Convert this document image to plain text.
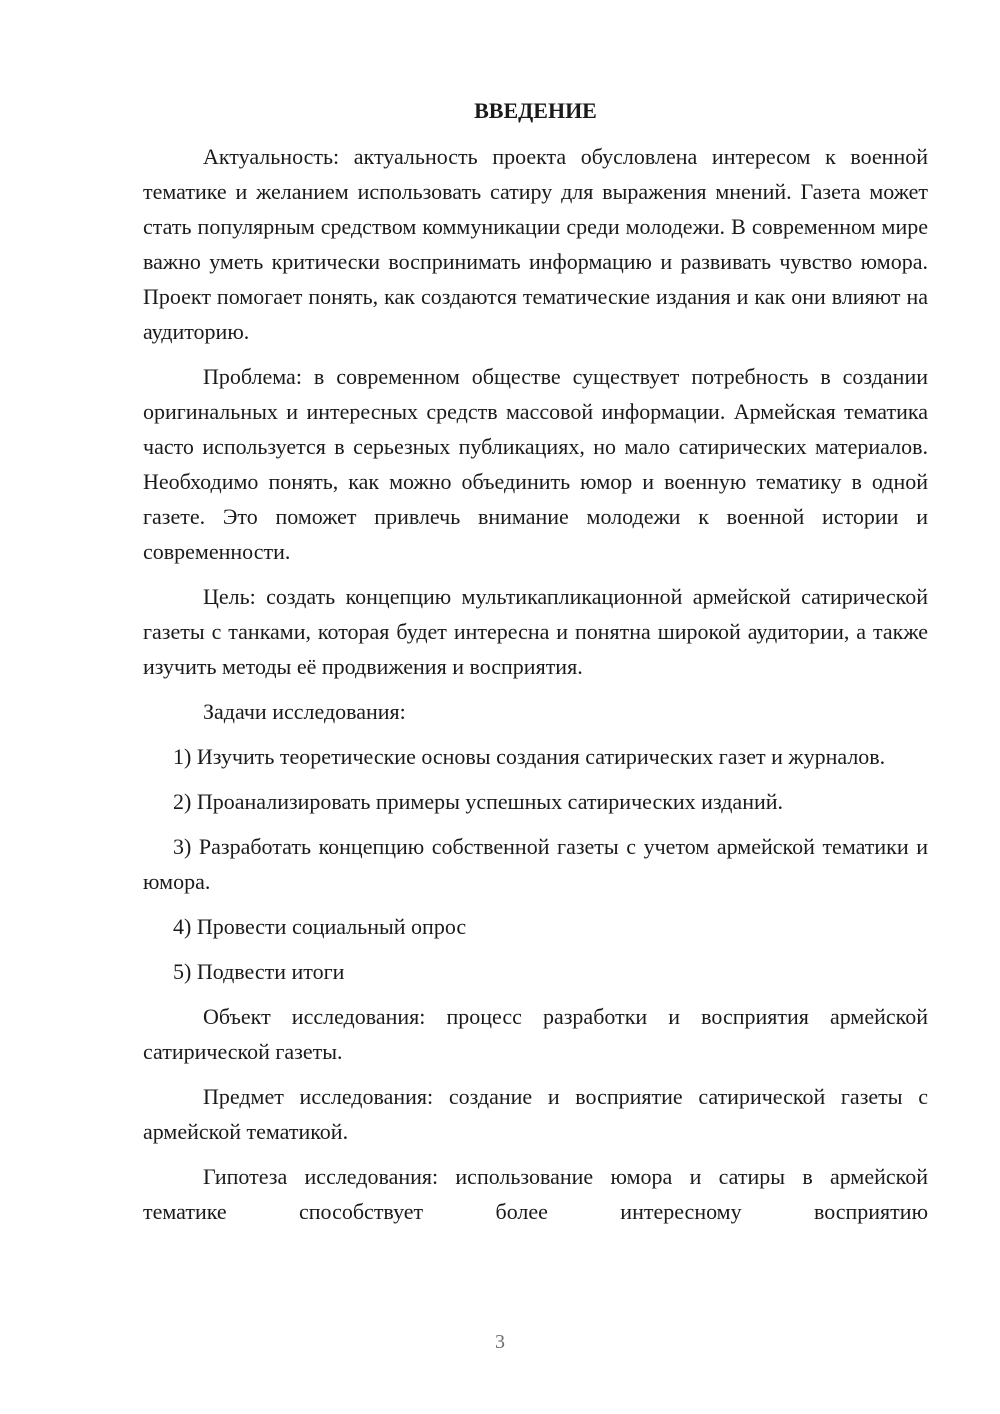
ВВЕДЕНИЕ

Актуальность: актуальность проекта обусловлена интересом к военной тематике и желанием использовать сатиру для выражения мнений. Газета может стать популярным средством коммуникации среди молодежи. В современном мире важно уметь критически воспринимать информацию и развивать чувство юмора. Проект помогает понять, как создаются тематические издания и как они влияют на аудиторию.

Проблема: в современном обществе существует потребность в создании оригинальных и интересных средств массовой информации. Армейская тематика часто используется в серьезных публикациях, но мало сатирических материалов. Необходимо понять, как можно объединить юмор и военную тематику в одной газете. Это поможет привлечь внимание молодежи к военной истории и современности.

Цель: создать концепцию мультикапликационной армейской сатирической газеты с танками, которая будет интересна и понятна широкой аудитории, а также изучить методы её продвижения и восприятия.

Задачи исследования:

1) Изучить теоретические основы создания сатирических газет и журналов.

2) Проанализировать примеры успешных сатирических изданий.

3) Разработать концепцию собственной газеты с учетом армейской тематики и юмора.

4) Провести социальный опрос

5) Подвести итоги

Объект исследования: процесс разработки и восприятия армейской сатирической газеты.

Предмет исследования: создание и восприятие сатирической газеты с армейской тематикой.

Гипотеза исследования: использование юмора и сатиры в армейской тематике способствует более интересному восприятию

3
